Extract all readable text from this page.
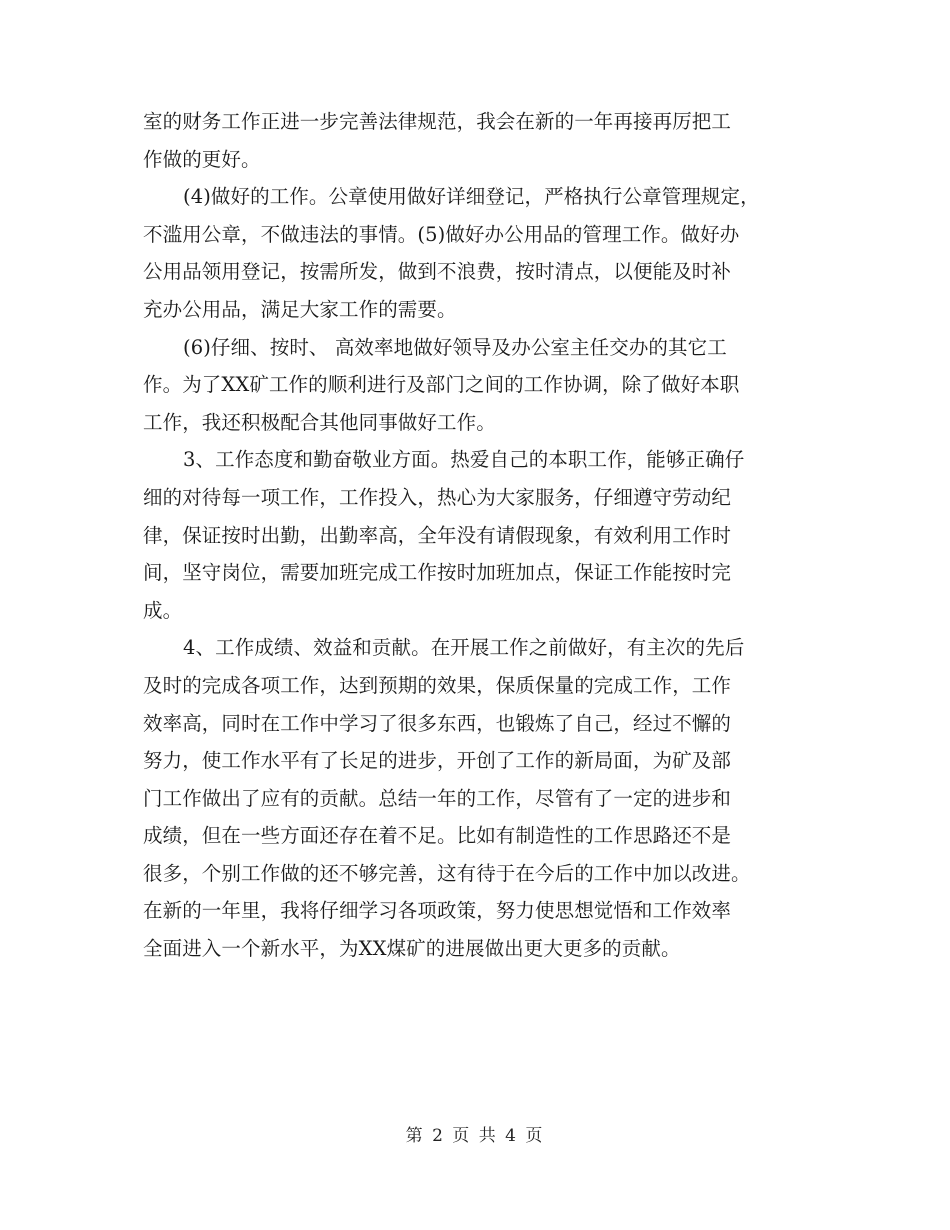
室的财务工作正进一步完善法律规范，我会在新的一年再接再厉把工
作做的更好。
(4)做好的工作。公章使用做好详细登记，严格执行公章管理规定，
不滥用公章，不做违法的事情。(5)做好办公用品的管理工作。做好办
公用品领用登记，按需所发，做到不浪费，按时清点，以便能及时补
充办公用品，满足大家工作的需要。
(6)仔细、按时、 高效率地做好领导及办公室主任交办的其它工
作。为了XX矿工作的顺利进行及部门之间的工作协调，除了做好本职
工作，我还积极配合其他同事做好工作。
3、工作态度和勤奋敬业方面。热爱自己的本职工作，能够正确仔
细的对待每一项工作，工作投入，热心为大家服务，仔细遵守劳动纪
律，保证按时出勤，出勤率高，全年没有请假现象，有效利用工作时
间，坚守岗位，需要加班完成工作按时加班加点，保证工作能按时完
成。
4、工作成绩、效益和贡献。在开展工作之前做好，有主次的先后
及时的完成各项工作，达到预期的效果，保质保量的完成工作，工作
效率高，同时在工作中学习了很多东西，也锻炼了自己，经过不懈的
努力，使工作水平有了长足的进步，开创了工作的新局面，为矿及部
门工作做出了应有的贡献。总结一年的工作，尽管有了一定的进步和
成绩，但在一些方面还存在着不足。比如有制造性的工作思路还不是
很多，个别工作做的还不够完善，这有待于在今后的工作中加以改进。
在新的一年里，我将仔细学习各项政策，努力使思想觉悟和工作效率
全面进入一个新水平，为XX煤矿的进展做出更大更多的贡献。
第 2 页 共 4 页
